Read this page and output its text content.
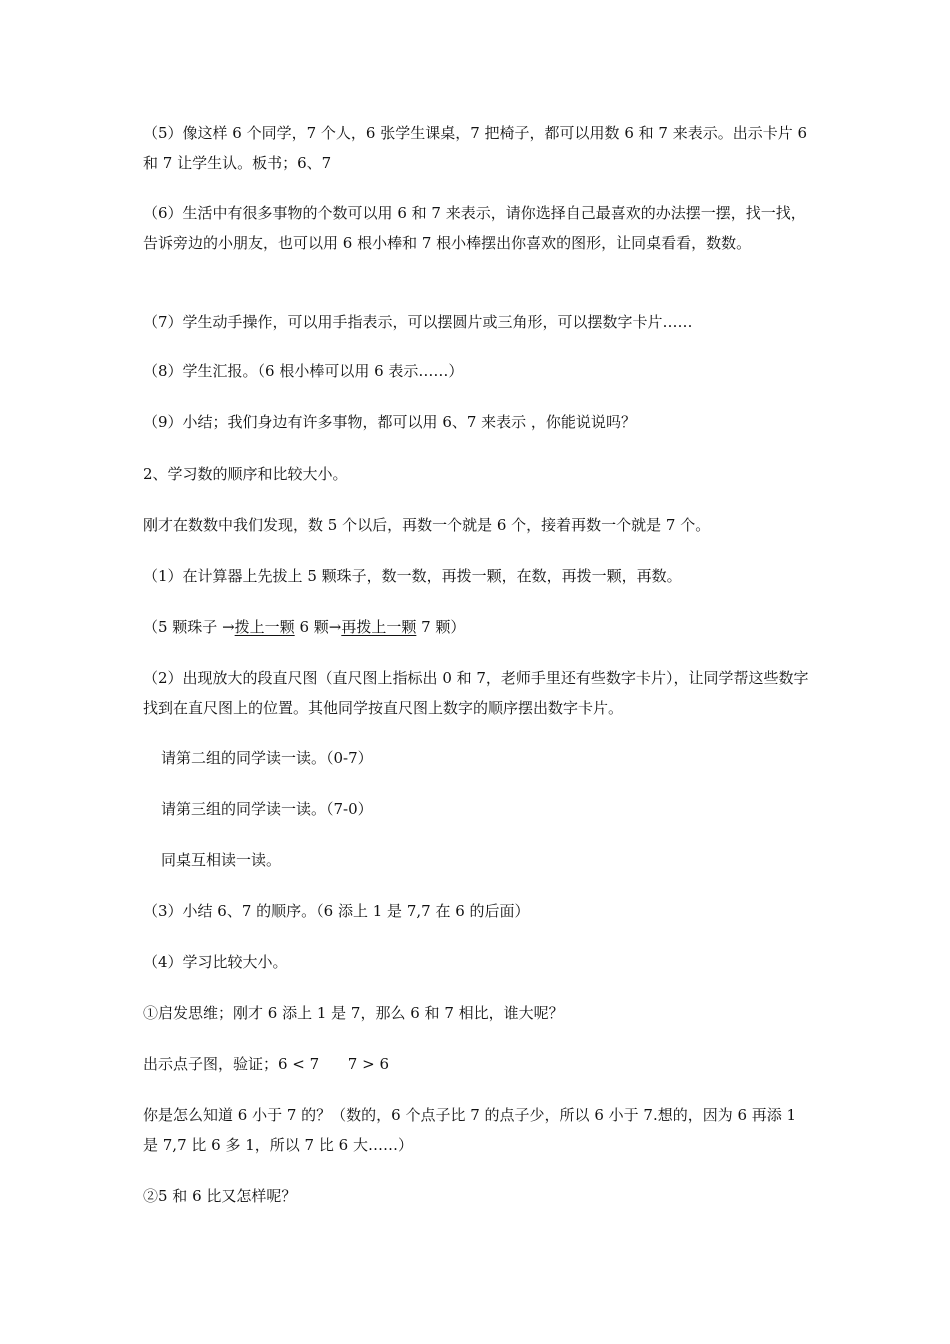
（5）像这样 6 个同学，7 个人，6 张学生课桌，7 把椅子，都可以用数 6 和 7 来表示。出示卡片 6 和 7 让学生认。板书；6、7

（6）生活中有很多事物的个数可以用 6 和 7 来表示，请你选择自己最喜欢的办法摆一摆，找一找，告诉旁边的小朋友，也可以用 6 根小棒和 7 根小棒摆出你喜欢的图形，让同桌看看，数数。

（7）学生动手操作，可以用手指表示，可以摆圆片或三角形，可以摆数字卡片……

（8）学生汇报。（6 根小棒可以用 6 表示……）

（9）小结；我们身边有许多事物，都可以用 6、7 来表示 ，你能说说吗？

2、学习数的顺序和比较大小。

刚才在数数中我们发现，数 5 个以后，再数一个就是 6 个，接着再数一个就是 7 个。

（1）在计算器上先拔上 5 颗珠子，数一数，再拨一颗，在数，再拨一颗，再数。

（5 颗珠子 →拨上一颗 6 颗→再拨上一颗 7 颗）

（2）出现放大的段直尺图（直尺图上指标出 0 和 7，老师手里还有些数字卡片），让同学帮这些数字找到在直尺图上的位置。其他同学按直尺图上数字的顺序摆出数字卡片。

请第二组的同学读一读。（0-7）

请第三组的同学读一读。（7-0）

同桌互相读一读。

（3）小结 6、7 的顺序。（6 添上 1 是 7,7 在 6 的后面）

（4）学习比较大小。

①启发思维；刚才 6 添上 1 是 7，那么 6 和 7 相比，谁大呢？

出示点子图，验证；6 < 7      7 > 6

你是怎么知道 6 小于 7 的？（数的，6 个点子比 7 的点子少，所以 6 小于 7.想的，因为 6 再添 1 是 7,7 比 6 多 1，所以 7 比 6 大……）

②5 和 6 比又怎样呢？
